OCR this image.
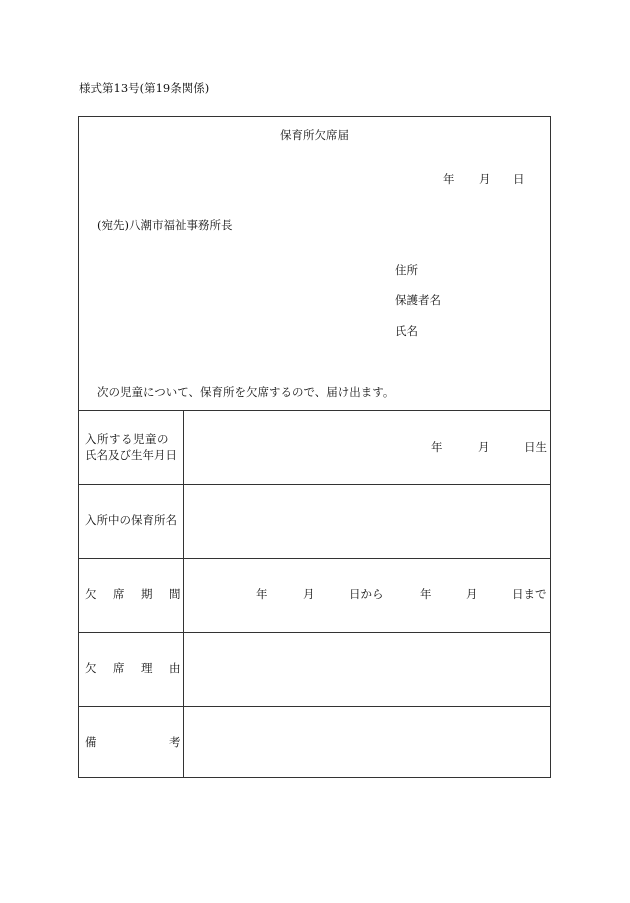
様式第13号(第19条関係)
保育所欠席届
年 月 日
(宛先)八潮市福祉事務所長
住所
保護者名
氏名
次の児童について、保育所を欠席するので、届け出ます。
入所する児童の
氏名及び生年月日
年	月	日生
入所中の保育所名
欠 席 期 間	年	月	日から	年	月	日まで
欠 席 理 由
備	考
